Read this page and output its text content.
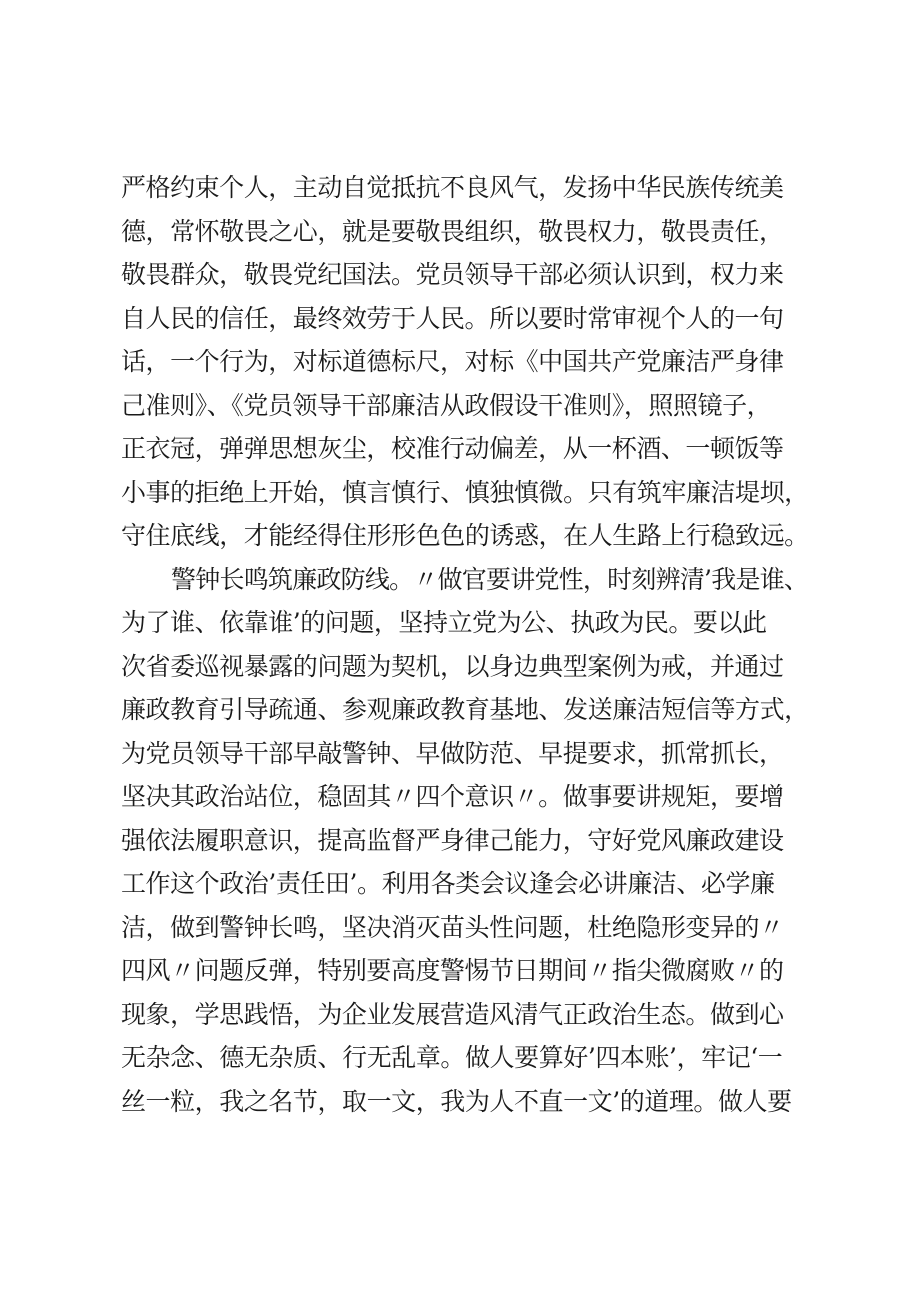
严格约束个人，主动自觉抵抗不良风气，发扬中华民族传统美
德，常怀敬畏之心，就是要敬畏组织，敬畏权力，敬畏责任，
敬畏群众，敬畏党纪国法。党员领导干部必须认识到，权力来
自人民的信任，最终效劳于人民。所以要时常审视个人的一句
话，一个行为，对标道德标尺，对标《中国共产党廉洁严身律
己准则》、《党员领导干部廉洁从政假设干准则》，照照镜子，
正衣冠，弹弹思想灰尘，校准行动偏差，从一杯酒、一顿饭等
小事的拒绝上开始，慎言慎行、慎独慎微。只有筑牢廉洁堤坝，
守住底线，才能经得住形形色色的诱惑，在人生路上行稳致远。
警钟长鸣筑廉政防线。〃做官要讲党性，时刻辨清’我是谁、
为了谁、依靠谁’的问题，坚持立党为公、执政为民。要以此
次省委巡视暴露的问题为契机，以身边典型案例为戒，并通过
廉政教育引导疏通、参观廉政教育基地、发送廉洁短信等方式，
为党员领导干部早敲警钟、早做防范、早提要求，抓常抓长，
坚决其政治站位，稳固其〃四个意识〃。做事要讲规矩，要增
强依法履职意识，提高监督严身律己能力，守好党风廉政建设
工作这个政治’责任田’。利用各类会议逢会必讲廉洁、必学廉
洁，做到警钟长鸣，坚决消灭苗头性问题，杜绝隐形变异的〃
四风〃问题反弹，特别要高度警惕节日期间〃指尖微腐败〃的
现象，学思践悟，为企业发展营造风清气正政治生态。做到心
无杂念、德无杂质、行无乱章。做人要算好’四本账’，牢记‘一
丝一粒，我之名节，取一文，我为人不直一文’的道理。做人要
